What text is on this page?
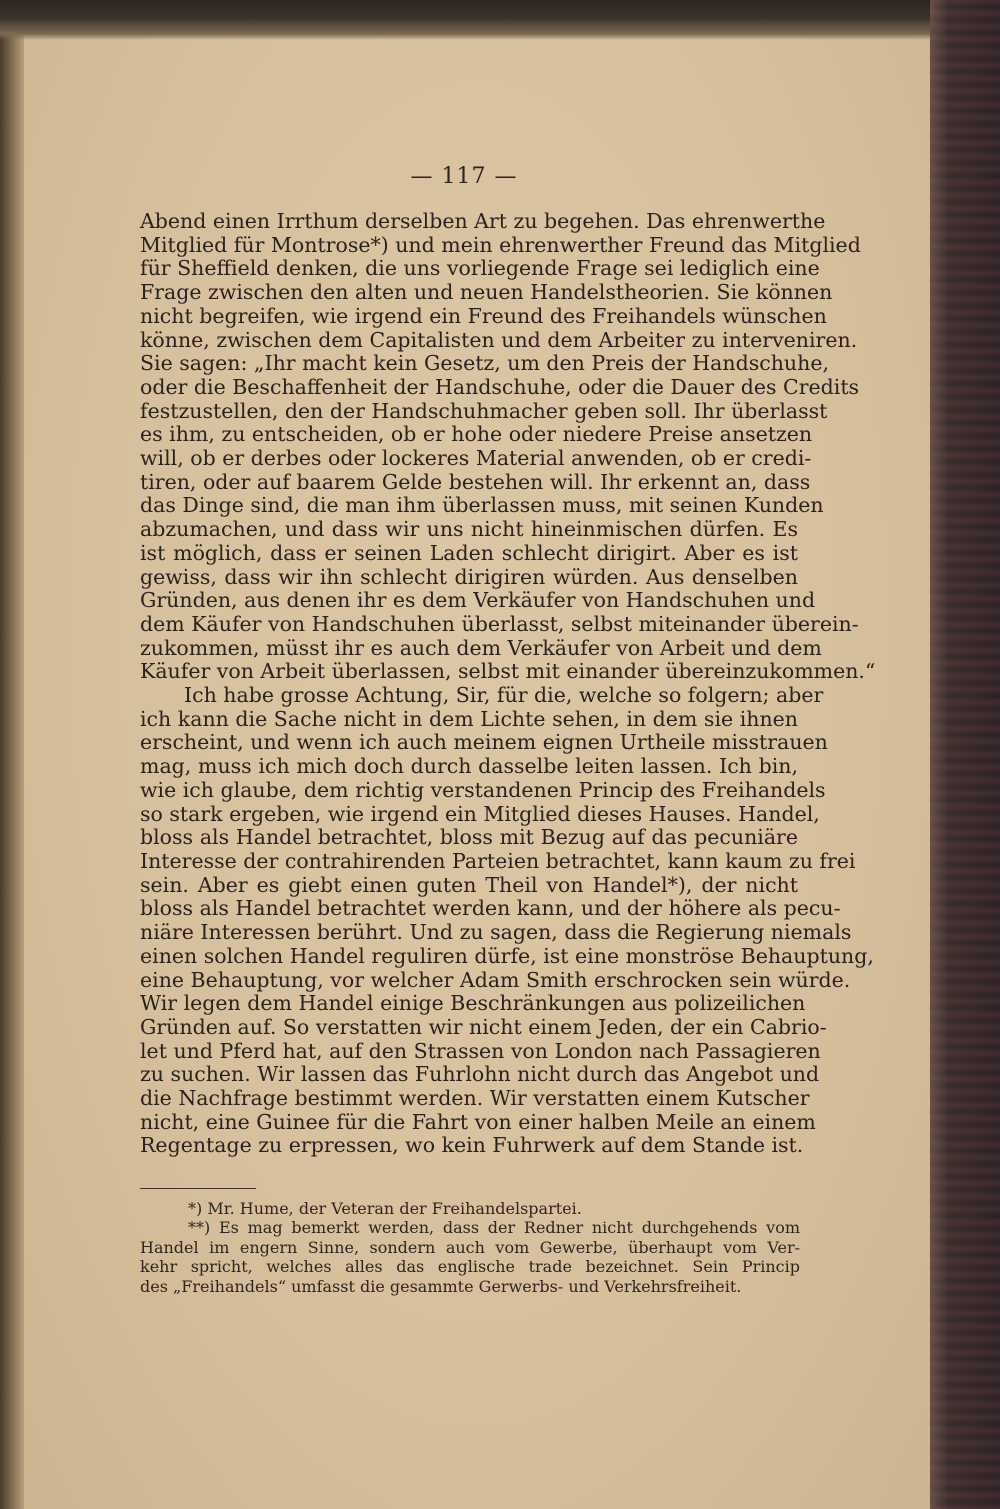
— 117 —
Abend einen Irrthum derselben Art zu begehen. Das ehrenwerthe
Mitglied für Montrose*) und mein ehrenwerther Freund das Mitglied
für Sheffield denken, die uns vorliegende Frage sei lediglich eine
Frage zwischen den alten und neuen Handelstheorien. Sie können
nicht begreifen, wie irgend ein Freund des Freihandels wünschen
könne, zwischen dem Capitalisten und dem Arbeiter zu interveniren.
Sie sagen: „Ihr macht kein Gesetz, um den Preis der Handschuhe,
oder die Beschaffenheit der Handschuhe, oder die Dauer des Credits
festzustellen, den der Handschuhmacher geben soll. Ihr überlasst
es ihm, zu entscheiden, ob er hohe oder niedere Preise ansetzen
will, ob er derbes oder lockeres Material anwenden, ob er credi-
tiren, oder auf baarem Gelde bestehen will. Ihr erkennt an, dass
das Dinge sind, die man ihm überlassen muss, mit seinen Kunden
abzumachen, und dass wir uns nicht hineinmischen dürfen. Es
ist möglich, dass er seinen Laden schlecht dirigirt. Aber es ist
gewiss, dass wir ihn schlecht dirigiren würden. Aus denselben
Gründen, aus denen ihr es dem Verkäufer von Handschuhen und
dem Käufer von Handschuhen überlasst, selbst miteinander überein-
zukommen, müsst ihr es auch dem Verkäufer von Arbeit und dem
Käufer von Arbeit überlassen, selbst mit einander übereinzukommen.“
Ich habe grosse Achtung, Sir, für die, welche so folgern; aber
ich kann die Sache nicht in dem Lichte sehen, in dem sie ihnen
erscheint, und wenn ich auch meinem eignen Urtheile misstrauen
mag, muss ich mich doch durch dasselbe leiten lassen. Ich bin,
wie ich glaube, dem richtig verstandenen Princip des Freihandels
so stark ergeben, wie irgend ein Mitglied dieses Hauses. Handel,
bloss als Handel betrachtet, bloss mit Bezug auf das pecuniäre
Interesse der contrahirenden Parteien betrachtet, kann kaum zu frei
sein. Aber es giebt einen guten Theil von Handel*), der nicht
bloss als Handel betrachtet werden kann, und der höhere als pecu-
niäre Interessen berührt. Und zu sagen, dass die Regierung niemals
einen solchen Handel reguliren dürfe, ist eine monströse Behauptung,
eine Behauptung, vor welcher Adam Smith erschrocken sein würde.
Wir legen dem Handel einige Beschränkungen aus polizeilichen
Gründen auf. So verstatten wir nicht einem Jeden, der ein Cabrio-
let und Pferd hat, auf den Strassen von London nach Passagieren
zu suchen. Wir lassen das Fuhrlohn nicht durch das Angebot und
die Nachfrage bestimmt werden. Wir verstatten einem Kutscher
nicht, eine Guinee für die Fahrt von einer halben Meile an einem
Regentage zu erpressen, wo kein Fuhrwerk auf dem Stande ist.
*) Mr. Hume, der Veteran der Freihandelspartei.
**) Es mag bemerkt werden, dass der Redner nicht durchgehends vom
Handel im engern Sinne, sondern auch vom Gewerbe, überhaupt vom Ver-
kehr spricht, welches alles das englische trade bezeichnet. Sein Princip
des „Freihandels“ umfasst die gesammte Gerwerbs- und Verkehrsfreiheit.
